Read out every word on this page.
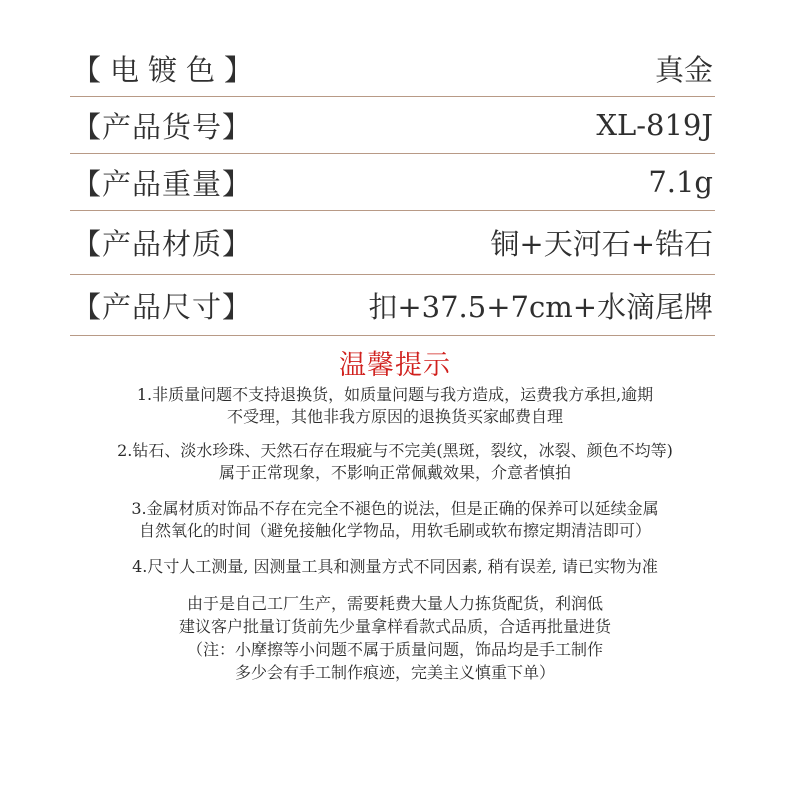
【电镀色】	真金
【产品货号】	XL-819J
【产品重量】	7.1g
【产品材质】	铜+天河石+锆石
【产品尺寸】	扣+37.5+7cm+水滴尾牌
温馨提示
1.非质量问题不支持退换货，如质量问题与我方造成，运费我方承担,逾期
不受理，其他非我方原因的退换货买家邮费自理
2.钻石、淡水珍珠、天然石存在瑕疵与不完美(黑斑，裂纹，冰裂、颜色不均等)
属于正常现象，不影响正常佩戴效果，介意者慎拍
3.金属材质对饰品不存在完全不褪色的说法，但是正确的保养可以延续金属
自然氧化的时间（避免接触化学物品，用软毛刷或软布擦定期清洁即可）
4.尺寸人工测量, 因测量工具和测量方式不同因素, 稍有误差, 请已实物为准
由于是自己工厂生产，需要耗费大量人力拣货配货，利润低
建议客户批量订货前先少量拿样看款式品质，合适再批量进货
（注：小摩擦等小问题不属于质量问题，饰品均是手工制作
多少会有手工制作痕迹，完美主义慎重下单）
